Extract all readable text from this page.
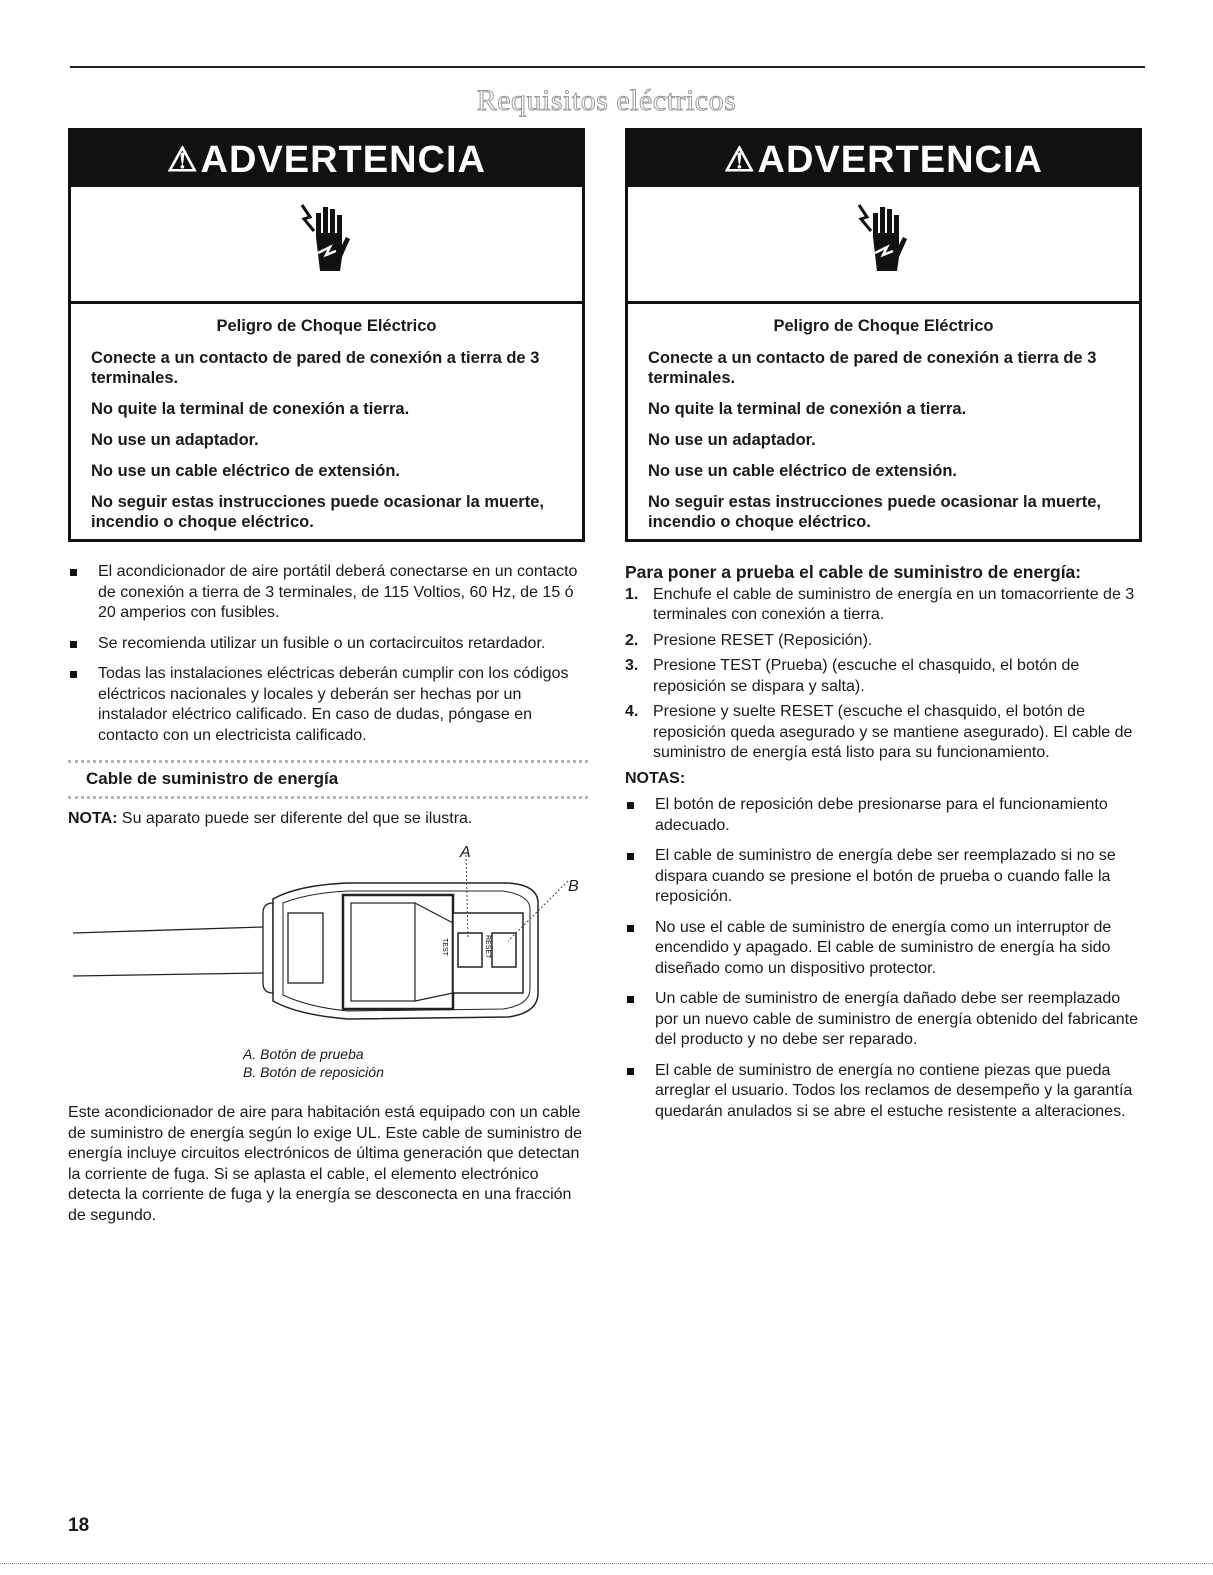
Requisitos eléctricos
⚠ADVERTENCIA
Peligro de Choque Eléctrico

Conecte a un contacto de pared de conexión a tierra de 3 terminales.

No quite la terminal de conexión a tierra.

No use un adaptador.

No use un cable eléctrico de extensión.

No seguir estas instrucciones puede ocasionar la muerte, incendio o choque eléctrico.

⚠ADVERTENCIA
Peligro de Choque Eléctrico

Conecte a un contacto de pared de conexión a tierra de 3 terminales.

No quite la terminal de conexión a tierra.

No use un adaptador.

No use un cable eléctrico de extensión.

No seguir estas instrucciones puede ocasionar la muerte, incendio o choque eléctrico.

El acondicionador de aire portátil deberá conectarse en un contacto de conexión a tierra de 3 terminales, de 115 Voltios, 60 Hz, de 15 ó 20 amperios con fusibles.
Se recomienda utilizar un fusible o un cortacircuitos retardador.
Todas las instalaciones eléctricas deberán cumplir con los códigos eléctricos nacionales y locales y deberán ser hechas por un instalador eléctrico calificado. En caso de dudas, póngase en contacto con un electricista calificado.
Cable de suministro de energía
NOTA: Su aparato puede ser diferente del que se ilustra.
TEST	RESET
A
B
A. Botón de prueba
B. Botón de reposición
Este acondicionador de aire para habitación está equipado con un cable de suministro de energía según lo exige UL. Este cable de suministro de energía incluye circuitos electrónicos de última generación que detectan la corriente de fuga. Si se aplasta el cable, el elemento electrónico detecta la corriente de fuga y la energía se desconecta en una fracción de segundo.
Para poner a prueba el cable de suministro de energía:
1. Enchufe el cable de suministro de energía en un tomacorriente de 3 terminales con conexión a tierra.
2. Presione RESET (Reposición).
3. Presione TEST (Prueba) (escuche el chasquido, el botón de reposición se dispara y salta).
4. Presione y suelte RESET (escuche el chasquido, el botón de reposición queda asegurado y se mantiene asegurado). El cable de suministro de energía está listo para su funcionamiento.
NOTAS:
El botón de reposición debe presionarse para el funcionamiento adecuado.
El cable de suministro de energía debe ser reemplazado si no se dispara cuando se presione el botón de prueba o cuando falle la reposición.
No use el cable de suministro de energía como un interruptor de encendido y apagado. El cable de suministro de energía ha sido diseñado como un dispositivo protector.
Un cable de suministro de energía dañado debe ser reemplazado por un nuevo cable de suministro de energía obtenido del fabricante del producto y no debe ser reparado.
El cable de suministro de energía no contiene piezas que pueda arreglar el usuario. Todos los reclamos de desempeño y la garantía quedarán anulados si se abre el estuche resistente a alteraciones.
18
